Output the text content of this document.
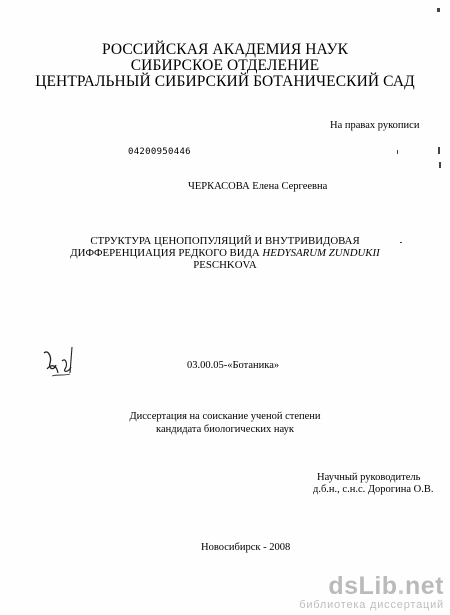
РОССИЙСКАЯ АКАДЕМИЯ НАУК
СИБИРСКОЕ ОТДЕЛЕНИЕ
ЦЕНТРАЛЬНЫЙ СИБИРСКИЙ БОТАНИЧЕСКИЙ САД
На правах рукописи
04200950446
ЧЕРКАСОВА Елена Сергеевна
СТРУКТУРА ЦЕНОПОПУЛЯЦИЙ И ВНУТРИВИДОВАЯ
ДИФФЕРЕНЦИАЦИЯ РЕДКОГО ВИДА HEDYSARUM ZUNDUKII
PESCHKOVA
03.00.05-«Ботаника»
Диссертация на соискание ученой степени
кандидата биологических наук
Научный руководитель
д.б.н., с.н.с. Дорогина О.В.
Новосибирск - 2008
dsLib.net
библиотека диссертаций
